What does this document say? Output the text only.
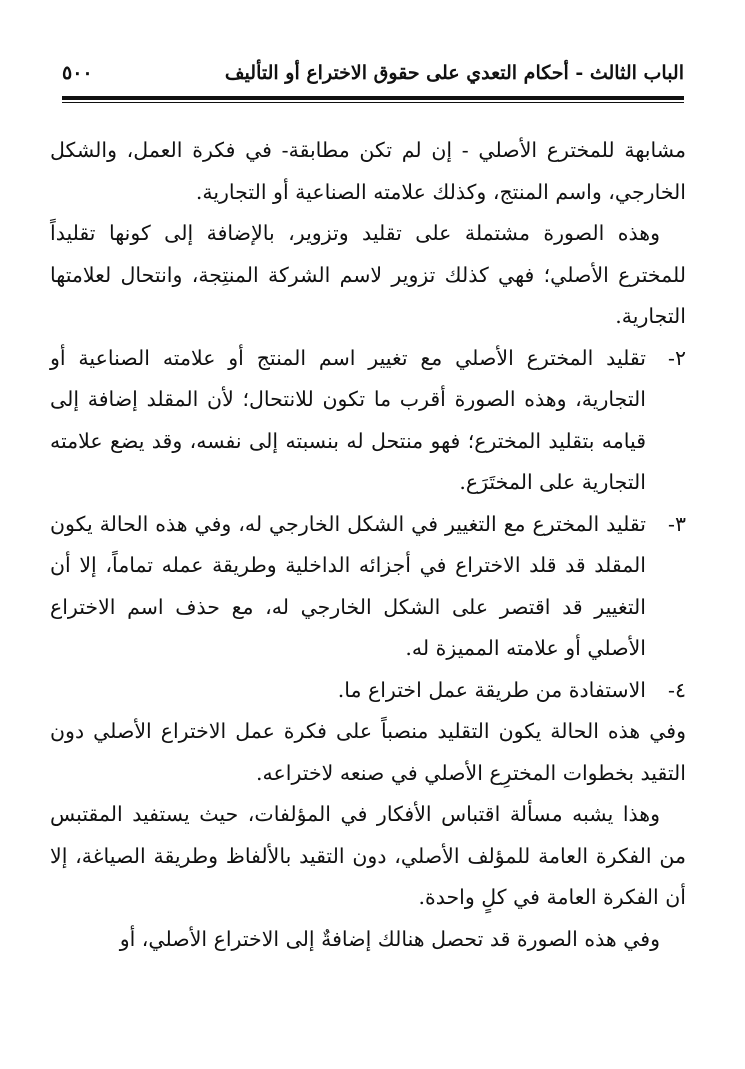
الباب الثالث - أحكام التعدي على حقوق الاختراع أو التأليف
٥٠٠

مشابهة للمخترع الأصلي - إن لم تكن مطابقة- في فكرة العمل، والشكل الخارجي، واسم المنتج، وكذلك علامته الصناعية أو التجارية.

وهذه الصورة مشتملة على تقليد وتزوير، بالإضافة إلى كونها تقليداً للمخترع الأصلي؛ فهي كذلك تزوير لاسم الشركة المنتِجة، وانتحال لعلامتها التجارية.

٢-

تقليد المخترع الأصلي مع تغيير اسم المنتج أو علامته الصناعية أو التجارية، وهذه الصورة أقرب ما تكون للانتحال؛ لأن المقلد إضافة إلى قيامه بتقليد المخترع؛ فهو منتحل له بنسبته إلى نفسه، وقد يضع علامته التجارية على المختَرَع.

٣-

تقليد المخترع مع التغيير في الشكل الخارجي له، وفي هذه الحالة يكون المقلد قد قلد الاختراع في أجزائه الداخلية وطريقة عمله تماماً، إلا أن التغيير قد اقتصر على الشكل الخارجي له، مع حذف اسم الاختراع الأصلي أو علامته المميزة له.

٤-

الاستفادة من طريقة عمل اختراع ما.

وفي هذه الحالة يكون التقليد منصباً على فكرة عمل الاختراع الأصلي دون التقيد بخطوات المخترِع الأصلي في صنعه لاختراعه.

وهذا يشبه مسألة اقتباس الأفكار في المؤلفات، حيث يستفيد المقتبس من الفكرة العامة للمؤلف الأصلي، دون التقيد بالألفاظ وطريقة الصياغة، إلا أن الفكرة العامة في كلٍ واحدة.

وفي هذه الصورة قد تحصل هنالك إضافةٌ إلى الاختراع الأصلي، أو
